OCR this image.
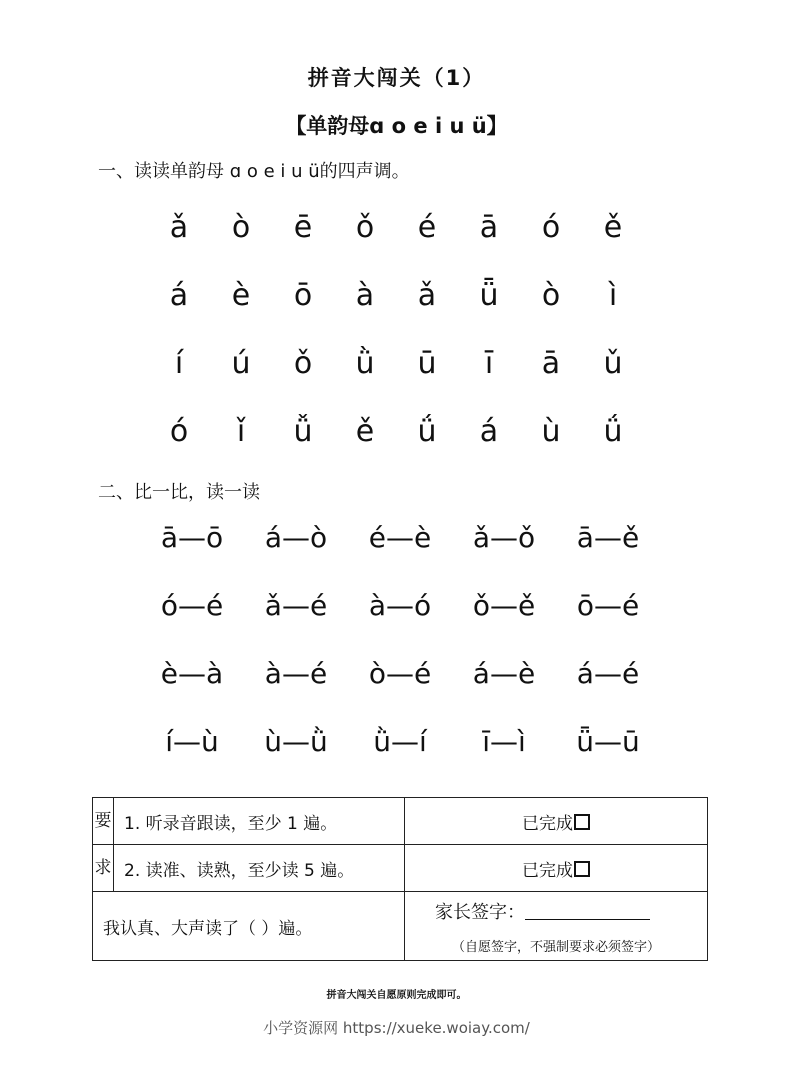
拼音大闯关（1）
【单韵母ɑ o e i u ü】
一、读读单韵母 ɑ o e i u ü的四声调。
ǎ	ò	ē	ǒ	é	ā	ó	ě
á	è	ō	à	ǎ	ǖ	ò	ì
í	ú	ǒ	ǜ	ū	ī	ā	ǔ
ó	ǐ	ǚ	ě	ǘ	á	ù	ǘ
二、比一比，读一读
ā—ō	á—ò	é—è	ǎ—ǒ	ā—ě
ó—é	ǎ—é	à—ó	ǒ—ě	ō—é
è—à	à—é	ò—é	á—è	á—é
í—ù	ù—ǜ	ǜ—í	ī—ì	ǖ—ū
要	1. 听录音跟读，至少 1 遍。	已完成
求	2. 读准、读熟，至少读 5 遍。	已完成
我认真、大声读了（ ）遍。		家长签字：
（自愿签字，不强制要求必须签字）
拼音大闯关自愿原则完成即可。
小学资源网 https://xueke.woiay.com/
